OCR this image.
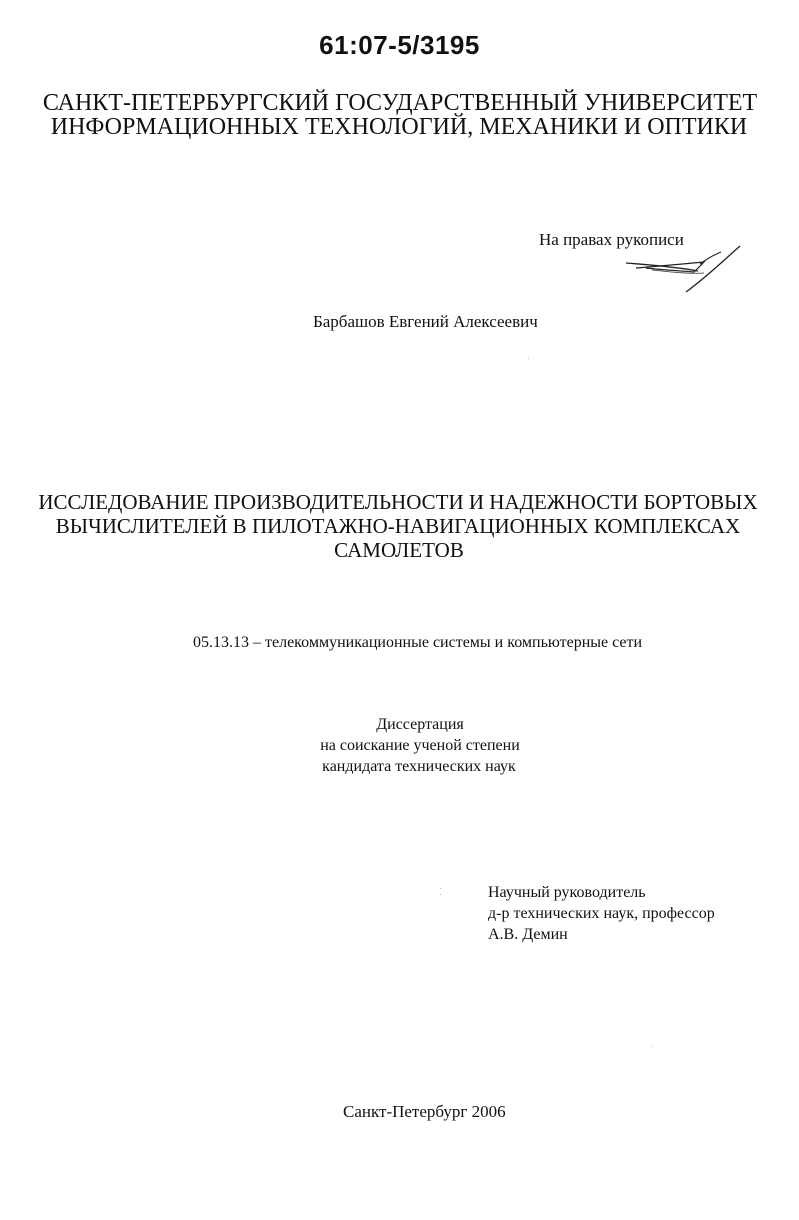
61:07-5/3195
САНКТ-ПЕТЕРБУРГСКИЙ ГОСУДАРСТВЕННЫЙ УНИВЕРСИТЕТ
ИНФОРМАЦИОННЫХ ТЕХНОЛОГИЙ, МЕХАНИКИ И ОПТИКИ
На правах рукописи
Барбашов Евгений Алексеевич
ИССЛЕДОВАНИЕ ПРОИЗВОДИТЕЛЬНОСТИ И НАДЕЖНОСТИ БОРТОВЫХ
ВЫЧИСЛИТЕЛЕЙ В ПИЛОТАЖНО-НАВИГАЦИОННЫХ КОМПЛЕКСАХ
САМОЛЕТОВ
05.13.13 – телекоммуникационные системы и компьютерные сети
Диссертация
на соискание ученой степени
кандидата технических наук
Научный руководитель
д-р технических наук, профессор
А.В. Демин
Санкт-Петербург 2006
